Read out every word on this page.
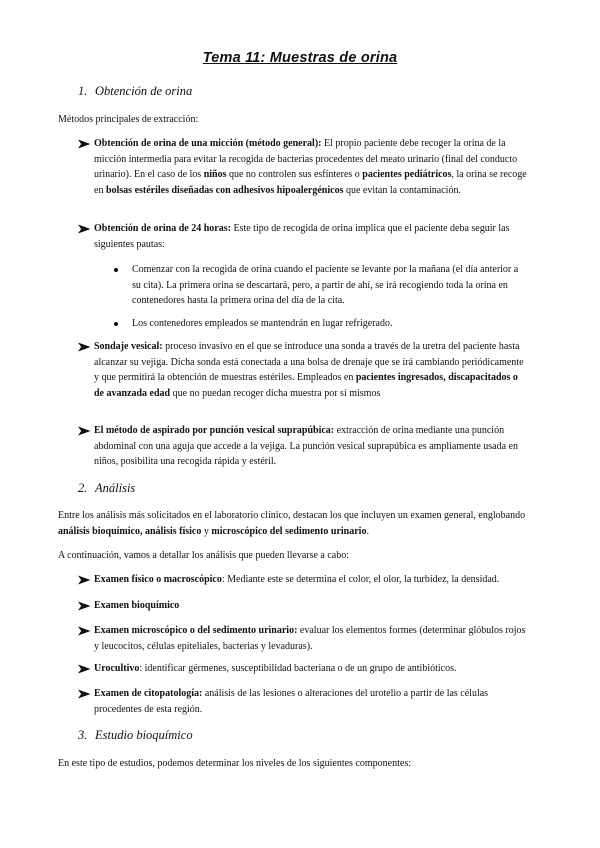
Tema 11: Muestras de orina
1. Obtención de orina
Métodos principales de extracción:
Obtención de orina de una micción (método general): El propio paciente debe recoger la orina de la micción intermedia para evitar la recogida de bacterias procedentes del meato urinario (final del conducto urinario). En el caso de los niños que no controlen sus esfínteres o pacientes pediátricos, la orina se recoge en bolsas estériles diseñadas con adhesivos hipoalergénicos que evitan la contaminación.
Obtención de orina de 24 horas: Este tipo de recogida de orina implica que el paciente deba seguir las siguientes pautas:
Comenzar con la recogida de orina cuando el paciente se levante por la mañana (el día anterior a su cita). La primera orina se descartará, pero, a partir de ahí, se irá recogiendo toda la orina en contenedores hasta la primera orina del día de la cita.
Los contenedores empleados se mantendrán en lugar refrigerado.
Sondaje vesical: proceso invasivo en el que se introduce una sonda a través de la uretra del paciente hasta alcanzar su vejiga. Dicha sonda está conectada a una bolsa de drenaje que se irá cambiando periódicamente y que permitirá la obtención de muestras estériles. Empleados en pacientes ingresados, discapacitados o de avanzada edad que no puedan recoger dicha muestra por sí mismos
El método de aspirado por punción vesical suprapúbica: extracción de orina mediante una punción abdominal con una aguja que accede a la vejiga. La punción vesical suprapúbica es ampliamente usada en niños, posibilita una recogida rápida y estéril.
2. Análisis
Entre los análisis más solicitados en el laboratorio clínico, destacan los que incluyen un examen general, englobando análisis bioquímico, análisis físico y microscópico del sedimento urinario.
A continuación, vamos a detallar los análisis que pueden llevarse a cabo:
Examen físico o macroscópico: Mediante este se determina el color, el olor, la turbidez, la densidad.
Examen bioquímico
Examen microscópico o del sedimento urinario: evaluar los elementos formes (determinar glóbulos rojos y leucocitos, células epiteliales, bacterias y levaduras).
Urocultivo: identificar gérmenes, susceptibilidad bacteriana o de un grupo de antibióticos.
Examen de citopatología: análisis de las lesiones o alteraciones del urotelio a partir de las células procedentes de esta región.
3. Estudio bioquímico
En este tipo de estudios, podemos determinar los niveles de los siguientes componentes:
